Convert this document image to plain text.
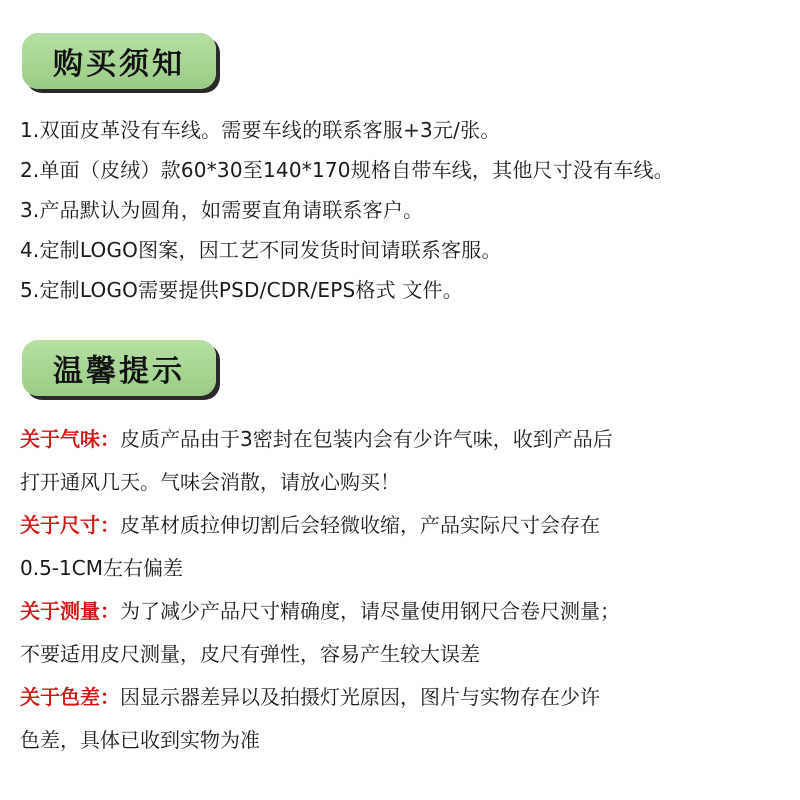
购买须知
1.双面皮革没有车线。需要车线的联系客服+3元/张。
2.单面（皮绒）款60*30至140*170规格自带车线，其他尺寸没有车线。
3.产品默认为圆角，如需要直角请联系客户。
4.定制LOGO图案，因工艺不同发货时间请联系客服。
5.定制LOGO需要提供PSD/CDR/EPS格式 文件。
温馨提示
关于气味：皮质产品由于3密封在包装内会有少许气味，收到产品后
打开通风几天。气味会消散，请放心购买！
关于尺寸：皮革材质拉伸切割后会轻微收缩，产品实际尺寸会存在
0.5-1CM左右偏差
关于测量：为了减少产品尺寸精确度，请尽量使用钢尺合卷尺测量；
不要适用皮尺测量，皮尺有弹性，容易产生较大误差
关于色差：因显示器差异以及拍摄灯光原因，图片与实物存在少许
色差，具体已收到实物为准
